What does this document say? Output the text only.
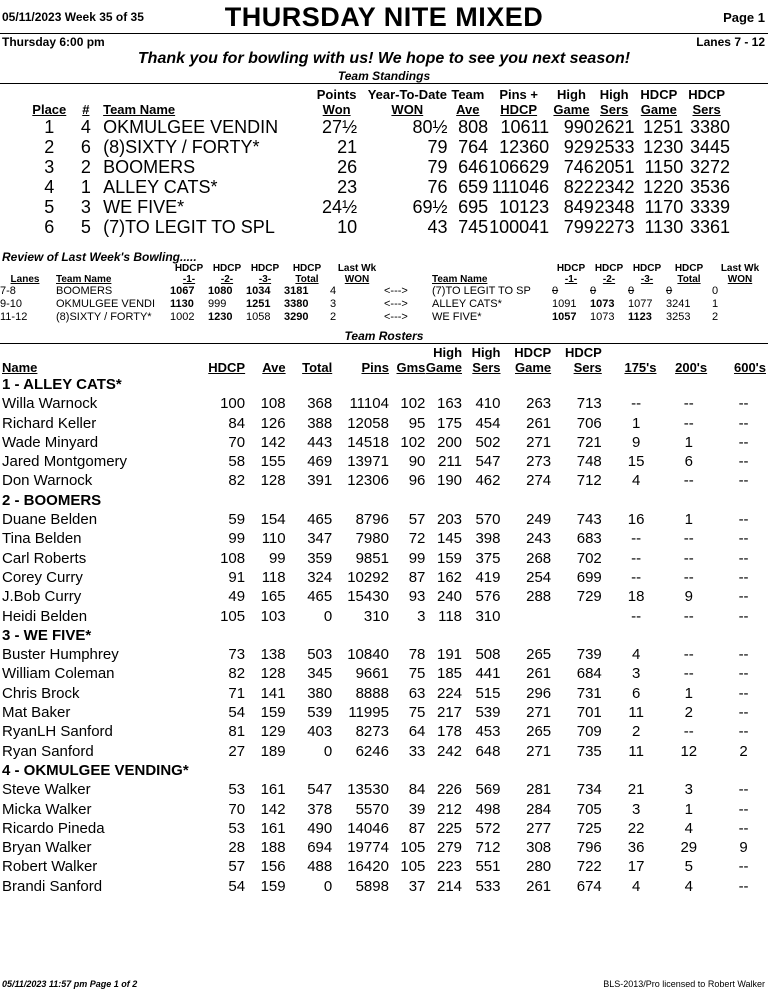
05/11/2023 Week 35 of 35	THURSDAY NITE MIXED	Page 1
Thursday 6:00 pm	Lanes 7 - 12
Thank you for bowling with us! We hope to see you next season!
Team Standings
			Points	Year-To-Date	Team	Pins +	High	High	HDCP	HDCP
Place	#	Team Name	Won	WON	Ave	HDCP	Game	Sers	Game	Sers
1	4	OKMULGEE VENDIN	27½	80½	808	10611	990	2621	1251	3380
2	6	(8)SIXTY / FORTY*	21	79	764	12360	929	2533	1230	3445
3	2	BOOMERS	26	79	646	106629	746	2051	1150	3272
4	1	ALLEY CATS*	23	76	659	111046	822	2342	1220	3536
5	3	WE FIVE*	24½	69½	695	10123	849	2348	1170	3339
6	5	(7)TO LEGIT TO SPL	10	43	745	100041	799	2273	1130	3361
Review of Last Week's Bowling.....
		HDCP	HDCP	HDCP	HDCP	Last Wk			HDCP	HDCP	HDCP	HDCP	Last Wk
Lanes	Team Name	-1-	-2-	-3-	Total	WON		Team Name	-1-	-2-	-3-	Total	WON
7-8	BOOMERS	1067	1080	1034	3181	4	<--->	(7)TO LEGIT TO SP	0	0	0	0	0
9-10	OKMULGEE VENDI	1130	999	1251	3380	3	<--->	ALLEY CATS*	1091	1073	1077	3241	1
11-12	(8)SIXTY / FORTY*	1002	1230	1058	3290	2	<--->	WE FIVE*	1057	1073	1123	3253	2
Team Rosters
						High	High	HDCP	HDCP			
Name	HDCP	Ave	Total	Pins	Gms	Game	Sers	Game	Sers	175's	200's	600's
1 - ALLEY CATS*												
Willa Warnock	100	108	368	11104	102	163	410	263	713	--	--	--
Richard Keller	84	126	388	12058	95	175	454	261	706	1	--	--
Wade Minyard	70	142	443	14518	102	200	502	271	721	9	1	--
Jared Montgomery	58	155	469	13971	90	211	547	273	748	15	6	--
Don Warnock	82	128	391	12306	96	190	462	274	712	4	--	--
2 - BOOMERS												
Duane Belden	59	154	465	8796	57	203	570	249	743	16	1	--
Tina Belden	99	110	347	7980	72	145	398	243	683	--	--	--
Carl Roberts	108	99	359	9851	99	159	375	268	702	--	--	--
Corey Curry	91	118	324	10292	87	162	419	254	699	--	--	--
J.Bob Curry	49	165	465	15430	93	240	576	288	729	18	9	--
Heidi Belden	105	103	0	310	3	118	310			--	--	--
3 - WE FIVE*												
Buster Humphrey	73	138	503	10840	78	191	508	265	739	4	--	--
William Coleman	82	128	345	9661	75	185	441	261	684	3	--	--
Chris Brock	71	141	380	8888	63	224	515	296	731	6	1	--
Mat Baker	54	159	539	11995	75	217	539	271	701	11	2	--
RyanLH Sanford	81	129	403	8273	64	178	453	265	709	2	--	--
Ryan Sanford	27	189	0	6246	33	242	648	271	735	11	12	2
4 - OKMULGEE VENDING*												
Steve Walker	53	161	547	13530	84	226	569	281	734	21	3	--
Micka Walker	70	142	378	5570	39	212	498	284	705	3	1	--
Ricardo Pineda	53	161	490	14046	87	225	572	277	725	22	4	--
Bryan Walker	28	188	694	19774	105	279	712	308	796	36	29	9
Robert Walker	57	156	488	16420	105	223	551	280	722	17	5	--
Brandi Sanford	54	159	0	5898	37	214	533	261	674	4	4	--
05/11/2023 11:57 pm Page 1 of 2	BLS-2013/Pro licensed to Robert Walker
